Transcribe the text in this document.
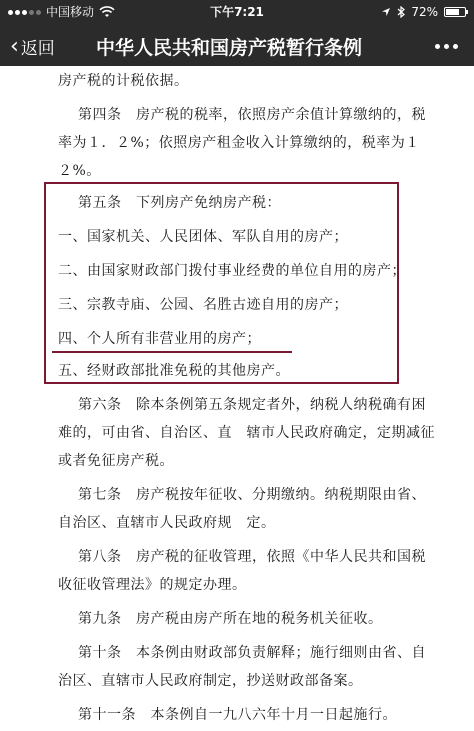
中国移动	下午7:21	72%
‹ 返回 中华人民共和国房产税暂行条例
房产税的计税依据。
第四条　房产税的税率，依照房产余值计算缴纳的，税
率为１．２%；依照房产租金收入计算缴纳的，税率为１
２%。
第五条　下列房产免纳房产税：
一、国家机关、人民团体、军队自用的房产；
二、由国家财政部门拨付事业经费的单位自用的房产；
三、宗教寺庙、公园、名胜古迹自用的房产；
四、个人所有非营业用的房产；
五、经财政部批准免税的其他房产。
第六条　除本条例第五条规定者外，纳税人纳税确有困
难的，可由省、自治区、直　辖市人民政府确定，定期减征
或者免征房产税。
第七条　房产税按年征收、分期缴纳。纳税期限由省、
自治区、直辖市人民政府规　定。
第八条　房产税的征收管理，依照《中华人民共和国税
收征收管理法》的规定办理。
第九条　房产税由房产所在地的税务机关征收。
第十条　本条例由财政部负责解释；施行细则由省、自
治区、直辖市人民政府制定，抄送财政部备案。
第十一条　本条例自一九八六年十月一日起施行。
